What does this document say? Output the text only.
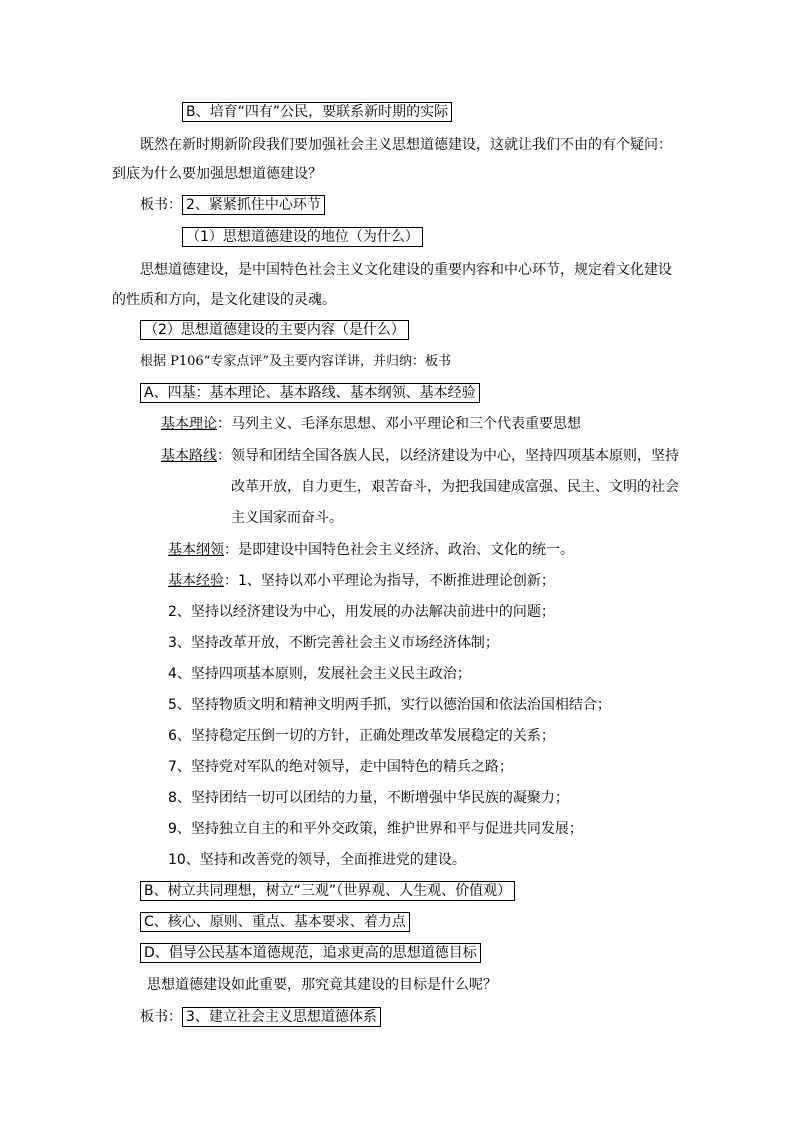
B、培育“四有”公民，要联系新时期的实际
既然在新时期新阶段我们要加强社会主义思想道德建设，这就让我们不由的有个疑问：
到底为什么要加强思想道德建设？
板书： 2、紧紧抓住中心环节
（1）思想道德建设的地位（为什么）
思想道德建设，是中国特色社会主义文化建设的重要内容和中心环节，规定着文化建设
的性质和方向，是文化建设的灵魂。
（2）思想道德建设的主要内容（是什么）
根据 P106“专家点评”及主要内容详讲，并归纳：板书
A、四基：基本理论、基本路线、基本纲领、基本经验
基本理论：马列主义、毛泽东思想、邓小平理论和三个代表重要思想
基本路线：领导和团结全国各族人民，以经济建设为中心，坚持四项基本原则，坚持
改革开放，自力更生，艰苦奋斗，为把我国建成富强、民主、文明的社会
主义国家而奋斗。
基本纲领：是即建设中国特色社会主义经济、政治、文化的统一。
基本经验：1、坚持以邓小平理论为指导，不断推进理论创新；
2、坚持以经济建设为中心，用发展的办法解决前进中的问题；
3、坚持改革开放，不断完善社会主义市场经济体制；
4、坚持四项基本原则，发展社会主义民主政治；
5、坚持物质文明和精神文明两手抓，实行以德治国和依法治国相结合；
6、坚持稳定压倒一切的方针，正确处理改革发展稳定的关系；
7、坚持党对军队的绝对领导，走中国特色的精兵之路；
8、坚持团结一切可以团结的力量，不断增强中华民族的凝聚力；
9、坚持独立自主的和平外交政策，维护世界和平与促进共同发展；
10、坚持和改善党的领导，全面推进党的建设。
B、树立共同理想，树立“三观”（世界观、人生观、价值观）
C、核心、原则、重点、基本要求、着力点
D、倡导公民基本道德规范，追求更高的思想道德目标
思想道德建设如此重要，那究竟其建设的目标是什么呢？
板书： 3、建立社会主义思想道德体系
